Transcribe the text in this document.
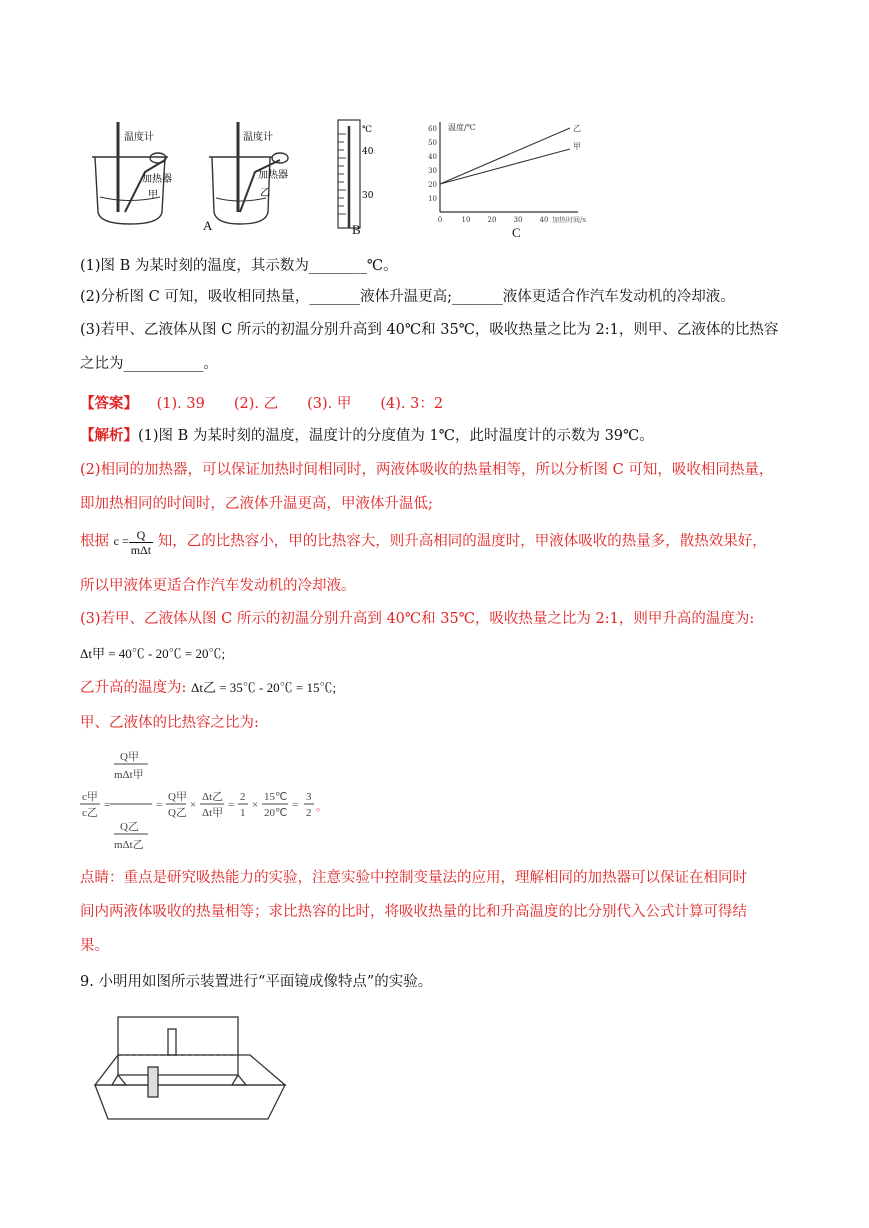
温度计
加热器
甲
温度计
加热器
乙
℃
40
30
60
50
40
30
20
10
0	10 20 30 40
温度/℃
加热时间/s
乙
甲
A	B	C
(1)图 B 为某时刻的温度，其示数为________℃。
(2)分析图 C 可知，吸收相同热量，_______液体升温更高;_______液体更适合作汽车发动机的冷却液。
(3)若甲、乙液体从图 C 所示的初温分别升高到 40℃和 35℃，吸收热量之比为 2:1，则甲、乙液体的比热容
之比为___________。
【答案】 (1). 39　　(2). 乙　　(3). 甲　　(4). 3：2
【解析】(1)图 B 为某时刻的温度，温度计的分度值为 1℃，此时温度计的示数为 39℃。
(2)相同的加热器，可以保证加热时间相同时，两液体吸收的热量相等，所以分析图 C 可知，吸收相同热量，
即加热相同的时间时，乙液体升温更高，甲液体升温低;
根据 $c = \frac{Q}{\text{mΔt}}$ 知，乙的比热容小，甲的比热容大，则升高相同的温度时，甲液体吸收的热量多，散热效果好，
所以甲液体更适合作汽车发动机的冷却液。
(3)若甲、乙液体从图 C 所示的初温分别升高到 40℃和 35℃，吸收热量之比为 2:1，则甲升高的温度为:
Δt甲 = 40℃ - 20℃ = 20℃;
乙升高的温度为: Δt乙 = 35℃ - 20℃ = 15℃;
甲、乙液体的比热容之比为:
c甲
c乙
=
Q甲
mΔt甲
Q乙
mΔt乙
=
Q甲
Q乙
×
Δt乙
Δt甲
=
2
1
×
15℃
20℃
=
3
2 。
点睛：重点是研究吸热能力的实验，注意实验中控制变量法的应用，理解相同的加热器可以保证在相同时
间内两液体吸收的热量相等；求比热容的比时，将吸收热量的比和升高温度的比分别代入公式计算可得结
果。
9. 小明用如图所示装置进行“平面镜成像特点”的实验。
